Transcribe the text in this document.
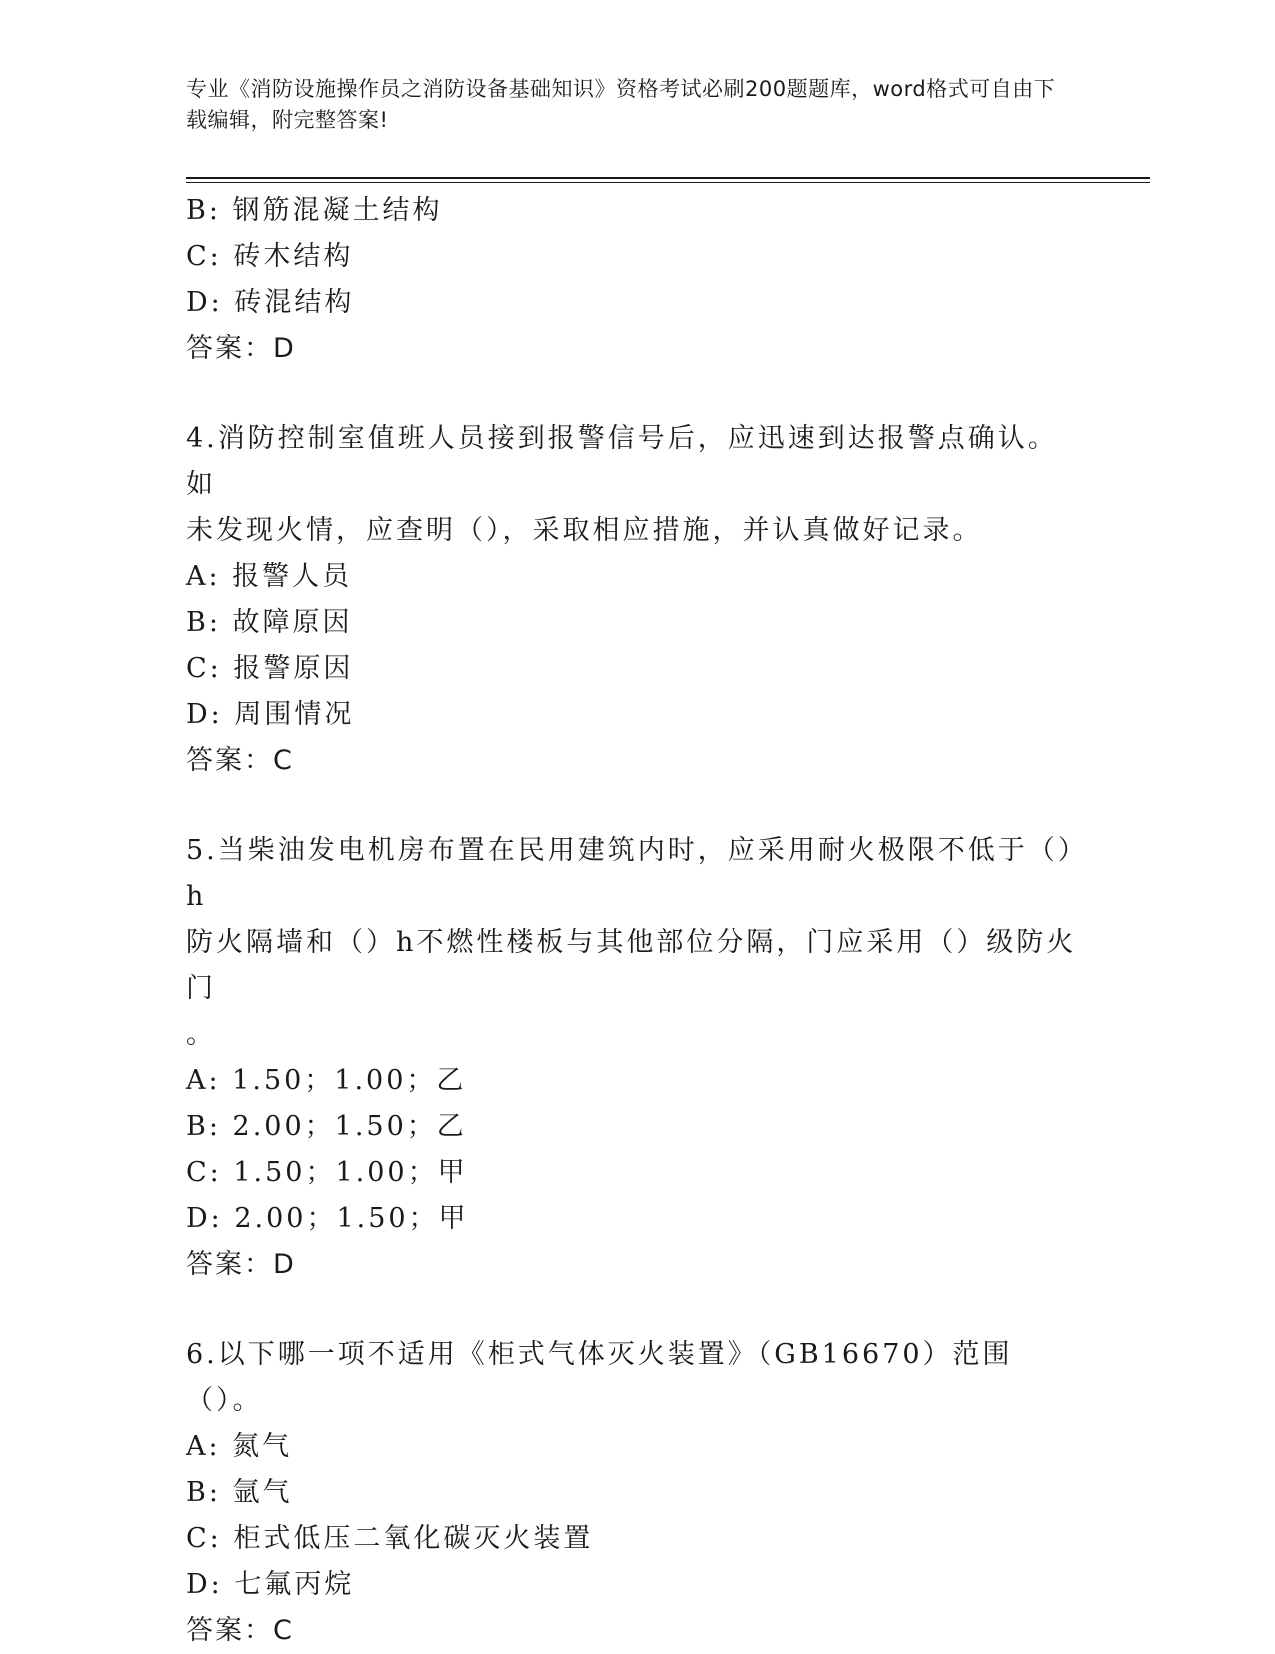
专业《消防设施操作员之消防设备基础知识》资格考试必刷200题题库，word格式可自由下载编辑，附完整答案!
B: 钢筋混凝土结构
C: 砖木结构
D: 砖混结构
答案：D
4.消防控制室值班人员接到报警信号后，应迅速到达报警点确认。如
未发现火情，应查明（），采取相应措施，并认真做好记录。
A: 报警人员
B: 故障原因
C: 报警原因
D: 周围情况
答案：C
5.当柴油发电机房布置在民用建筑内时，应采用耐火极限不低于（）h
防火隔墙和（）h不燃性楼板与其他部位分隔，门应采用（）级防火门
。
A: 1.50；1.00；乙
B: 2.00；1.50；乙
C: 1.50；1.00；甲
D: 2.00；1.50；甲
答案：D
6.以下哪一项不适用《柜式气体灭火装置》（GB16670）范围（）。
A: 氮气
B: 氩气
C: 柜式低压二氧化碳灭火装置
D: 七氟丙烷
答案：C
